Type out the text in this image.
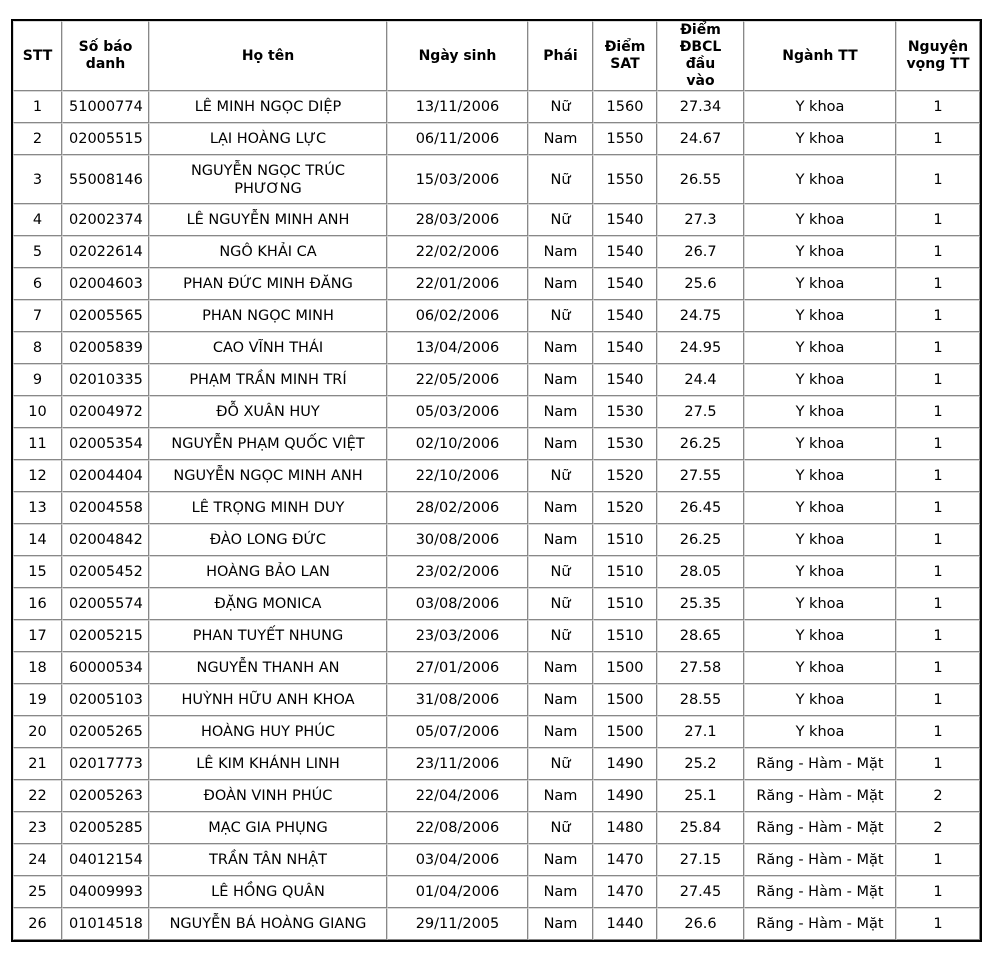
STT	Số báo danh	Họ tên	Ngày sinh	Phái	Điểm SAT	Điểm ĐBCL đầu vào	Ngành TT	Nguyện vọng TT
1	51000774	LÊ MINH NGỌC DIỆP	13/11/2006	Nữ	1560	27.34	Y khoa	1
2	02005515	LẠI HOÀNG LỰC	06/11/2006	Nam	1550	24.67	Y khoa	1
3	55008146	NGUYỄN NGỌC TRÚC PHƯƠNG	15/03/2006	Nữ	1550	26.55	Y khoa	1
4	02002374	LÊ NGUYỄN MINH ANH	28/03/2006	Nữ	1540	27.3	Y khoa	1
5	02022614	NGÔ KHẢI CA	22/02/2006	Nam	1540	26.7	Y khoa	1
6	02004603	PHAN ĐỨC MINH ĐĂNG	22/01/2006	Nam	1540	25.6	Y khoa	1
7	02005565	PHAN NGỌC MINH	06/02/2006	Nữ	1540	24.75	Y khoa	1
8	02005839	CAO VĨNH THÁI	13/04/2006	Nam	1540	24.95	Y khoa	1
9	02010335	PHẠM TRẦN MINH TRÍ	22/05/2006	Nam	1540	24.4	Y khoa	1
10	02004972	ĐỖ XUÂN HUY	05/03/2006	Nam	1530	27.5	Y khoa	1
11	02005354	NGUYỄN PHẠM QUỐC VIỆT	02/10/2006	Nam	1530	26.25	Y khoa	1
12	02004404	NGUYỄN NGỌC MINH ANH	22/10/2006	Nữ	1520	27.55	Y khoa	1
13	02004558	LÊ TRỌNG MINH DUY	28/02/2006	Nam	1520	26.45	Y khoa	1
14	02004842	ĐÀO LONG ĐỨC	30/08/2006	Nam	1510	26.25	Y khoa	1
15	02005452	HOÀNG BẢO LAN	23/02/2006	Nữ	1510	28.05	Y khoa	1
16	02005574	ĐẶNG MONICA	03/08/2006	Nữ	1510	25.35	Y khoa	1
17	02005215	PHAN TUYẾT NHUNG	23/03/2006	Nữ	1510	28.65	Y khoa	1
18	60000534	NGUYỄN THANH AN	27/01/2006	Nam	1500	27.58	Y khoa	1
19	02005103	HUỲNH HỮU ANH KHOA	31/08/2006	Nam	1500	28.55	Y khoa	1
20	02005265	HOÀNG HUY PHÚC	05/07/2006	Nam	1500	27.1	Y khoa	1
21	02017773	LÊ KIM KHÁNH LINH	23/11/2006	Nữ	1490	25.2	Răng - Hàm - Mặt	1
22	02005263	ĐOÀN VINH PHÚC	22/04/2006	Nam	1490	25.1	Răng - Hàm - Mặt	2
23	02005285	MẠC GIA PHỤNG	22/08/2006	Nữ	1480	25.84	Răng - Hàm - Mặt	2
24	04012154	TRẦN TÂN NHẬT	03/04/2006	Nam	1470	27.15	Răng - Hàm - Mặt	1
25	04009993	LÊ HỒNG QUÂN	01/04/2006	Nam	1470	27.45	Răng - Hàm - Mặt	1
26	01014518	NGUYỄN BÁ HOÀNG GIANG	29/11/2005	Nam	1440	26.6	Răng - Hàm - Mặt	1
